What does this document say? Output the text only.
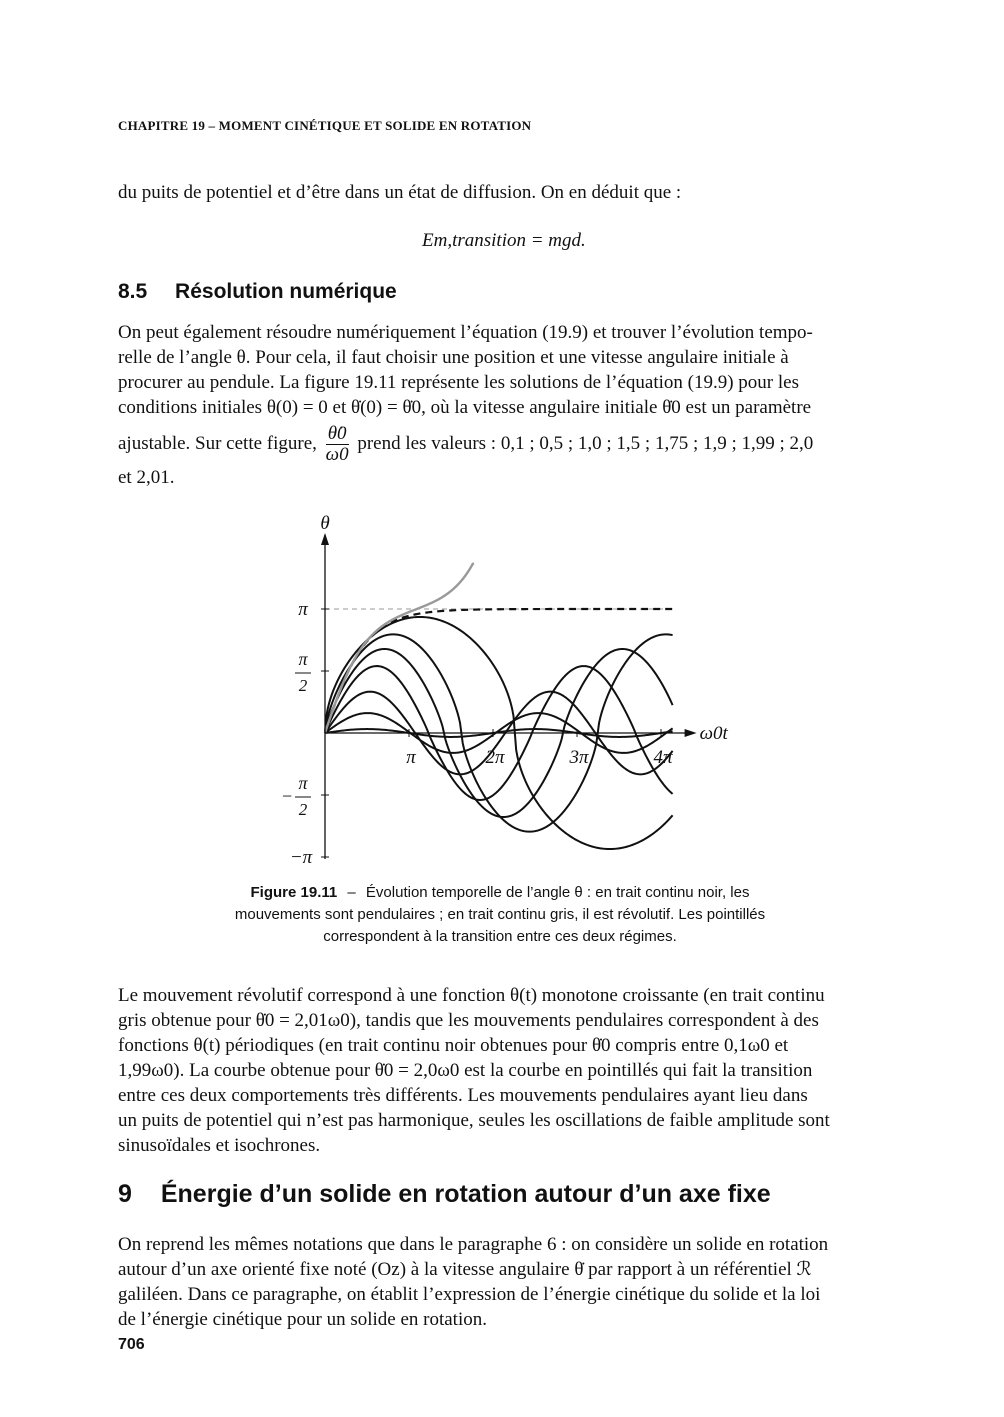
CHAPITRE 19 – MOMENT CINÉTIQUE ET SOLIDE EN ROTATION
du puits de potentiel et d’être dans un état de diffusion. On en déduit que :
Em,transition = mgd.
8.5 Résolution numérique
On peut également résoudre numériquement l’équation (19.9) et trouver l’évolution tempo-
relle de l’angle θ. Pour cela, il faut choisir une position et une vitesse angulaire initiale à
procurer au pendule. La figure 19.11 représente les solutions de l’équation (19.9) pour les
conditions initiales θ(0) = 0 et θ̇(0) = θ̇0, où la vitesse angulaire initiale θ̇0 est un paramètre
ajustable. Sur cette figure, $\frac{\thetȧ0}{\omega 0}$ prend les valeurs : 0,1 ; 0,5 ; 1,0 ; 1,5 ; 1,75 ; 1,9 ; 1,99 ; 2,0
et 2,01.
θ
ω0t
π
π
2
π
2
−
−π
π	2π	3π	4π
Figure 19.11 – Évolution temporelle de l’angle θ : en trait continu noir, les
mouvements sont pendulaires ; en trait continu gris, il est révolutif. Les pointillés
correspondent à la transition entre ces deux régimes.
Le mouvement révolutif correspond à une fonction θ(t) monotone croissante (en trait continu
gris obtenue pour θ̇0 = 2,01ω0), tandis que les mouvements pendulaires correspondent à des
fonctions θ(t) périodiques (en trait continu noir obtenues pour θ̇0 compris entre 0,1ω0 et
1,99ω0). La courbe obtenue pour θ̇0 = 2,0ω0 est la courbe en pointillés qui fait la transition
entre ces deux comportements très différents. Les mouvements pendulaires ayant lieu dans
un puits de potentiel qui n’est pas harmonique, seules les oscillations de faible amplitude sont
sinusoïdales et isochrones.
9 Énergie d’un solide en rotation autour d’un axe fixe
On reprend les mêmes notations que dans le paragraphe 6 : on considère un solide en rotation
autour d’un axe orienté fixe noté (Oz) à la vitesse angulaire θ̇ par rapport à un référentiel ℛ
galiléen. Dans ce paragraphe, on établit l’expression de l’énergie cinétique du solide et la loi
de l’énergie cinétique pour un solide en rotation.
706
